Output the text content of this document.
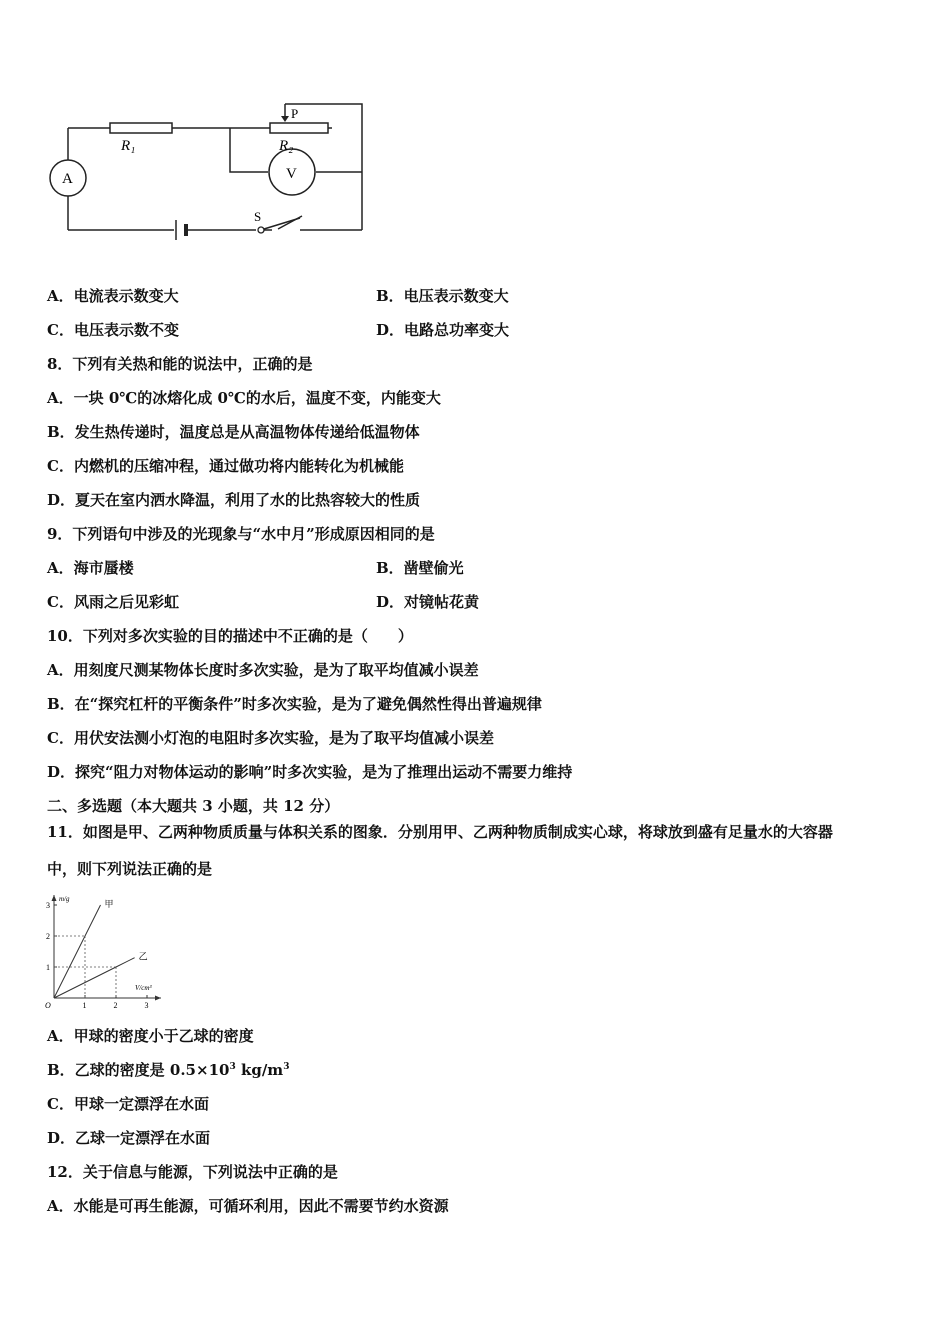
R₁	R₂
A	V
P
S
A．电流表示数变大	B．电压表示数变大
C．电压表示数不变	D．电路总功率变大
8．下列有关热和能的说法中，正确的是
A．一块 0℃的冰熔化成 0℃的水后，温度不变，内能变大
B．发生热传递时，温度总是从高温物体传递给低温物体
C．内燃机的压缩冲程，通过做功将内能转化为机械能
D．夏天在室内洒水降温，利用了水的比热容较大的性质
9．下列语句中涉及的光现象与“水中月”形成原因相同的是
A．海市蜃楼	B．凿壁偷光
C．风雨之后见彩虹	D．对镜帖花黄
10．下列对多次实验的目的描述中不正确的是（　　）
A．用刻度尺测某物体长度时多次实验，是为了取平均值减小误差
B．在“探究杠杆的平衡条件”时多次实验，是为了避免偶然性得出普遍规律
C．用伏安法测小灯泡的电阻时多次实验，是为了取平均值减小误差
D．探究“阻力对物体运动的影响”时多次实验，是为了推理出运动不需要力维持
二、多选题（本大题共 3 小题，共 12 分）
11．如图是甲、乙两种物质质量与体积关系的图象．分别用甲、乙两种物质制成实心球，将球放到盛有足量水的大容器
中，则下列说法正确的是
1	2	3
1
2
3
O
m/g
V/cm³
甲
乙
A．甲球的密度小于乙球的密度
B．乙球的密度是 $0.5\times 10^3$ $kg/m^3$
C．甲球一定漂浮在水面
D．乙球一定漂浮在水面
12．关于信息与能源，下列说法中正确的是
A．水能是可再生能源，可循环利用，因此不需要节约水资源
